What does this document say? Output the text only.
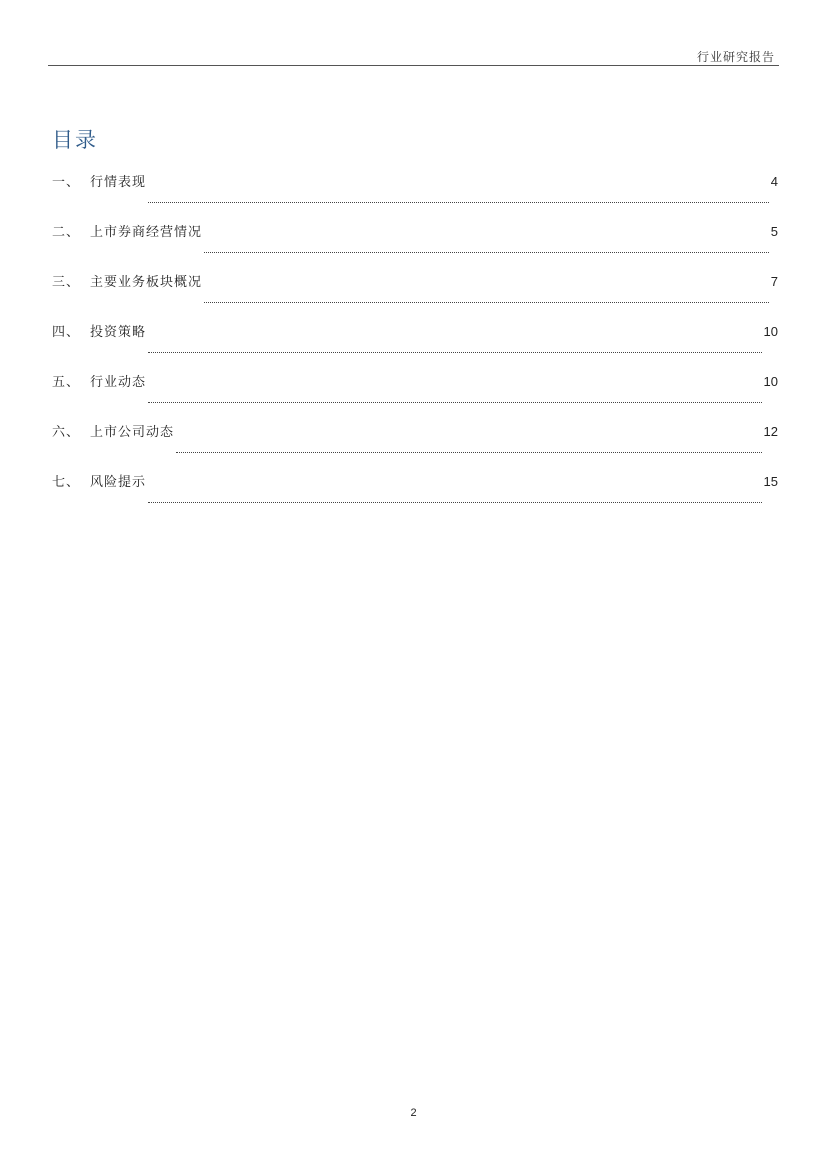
行业研究报告
目录
一、 行情表现	4
二、 上市券商经营情况	5
三、 主要业务板块概况	7
四、 投资策略	10
五、 行业动态	10
六、 上市公司动态	12
七、 风险提示	15
2
